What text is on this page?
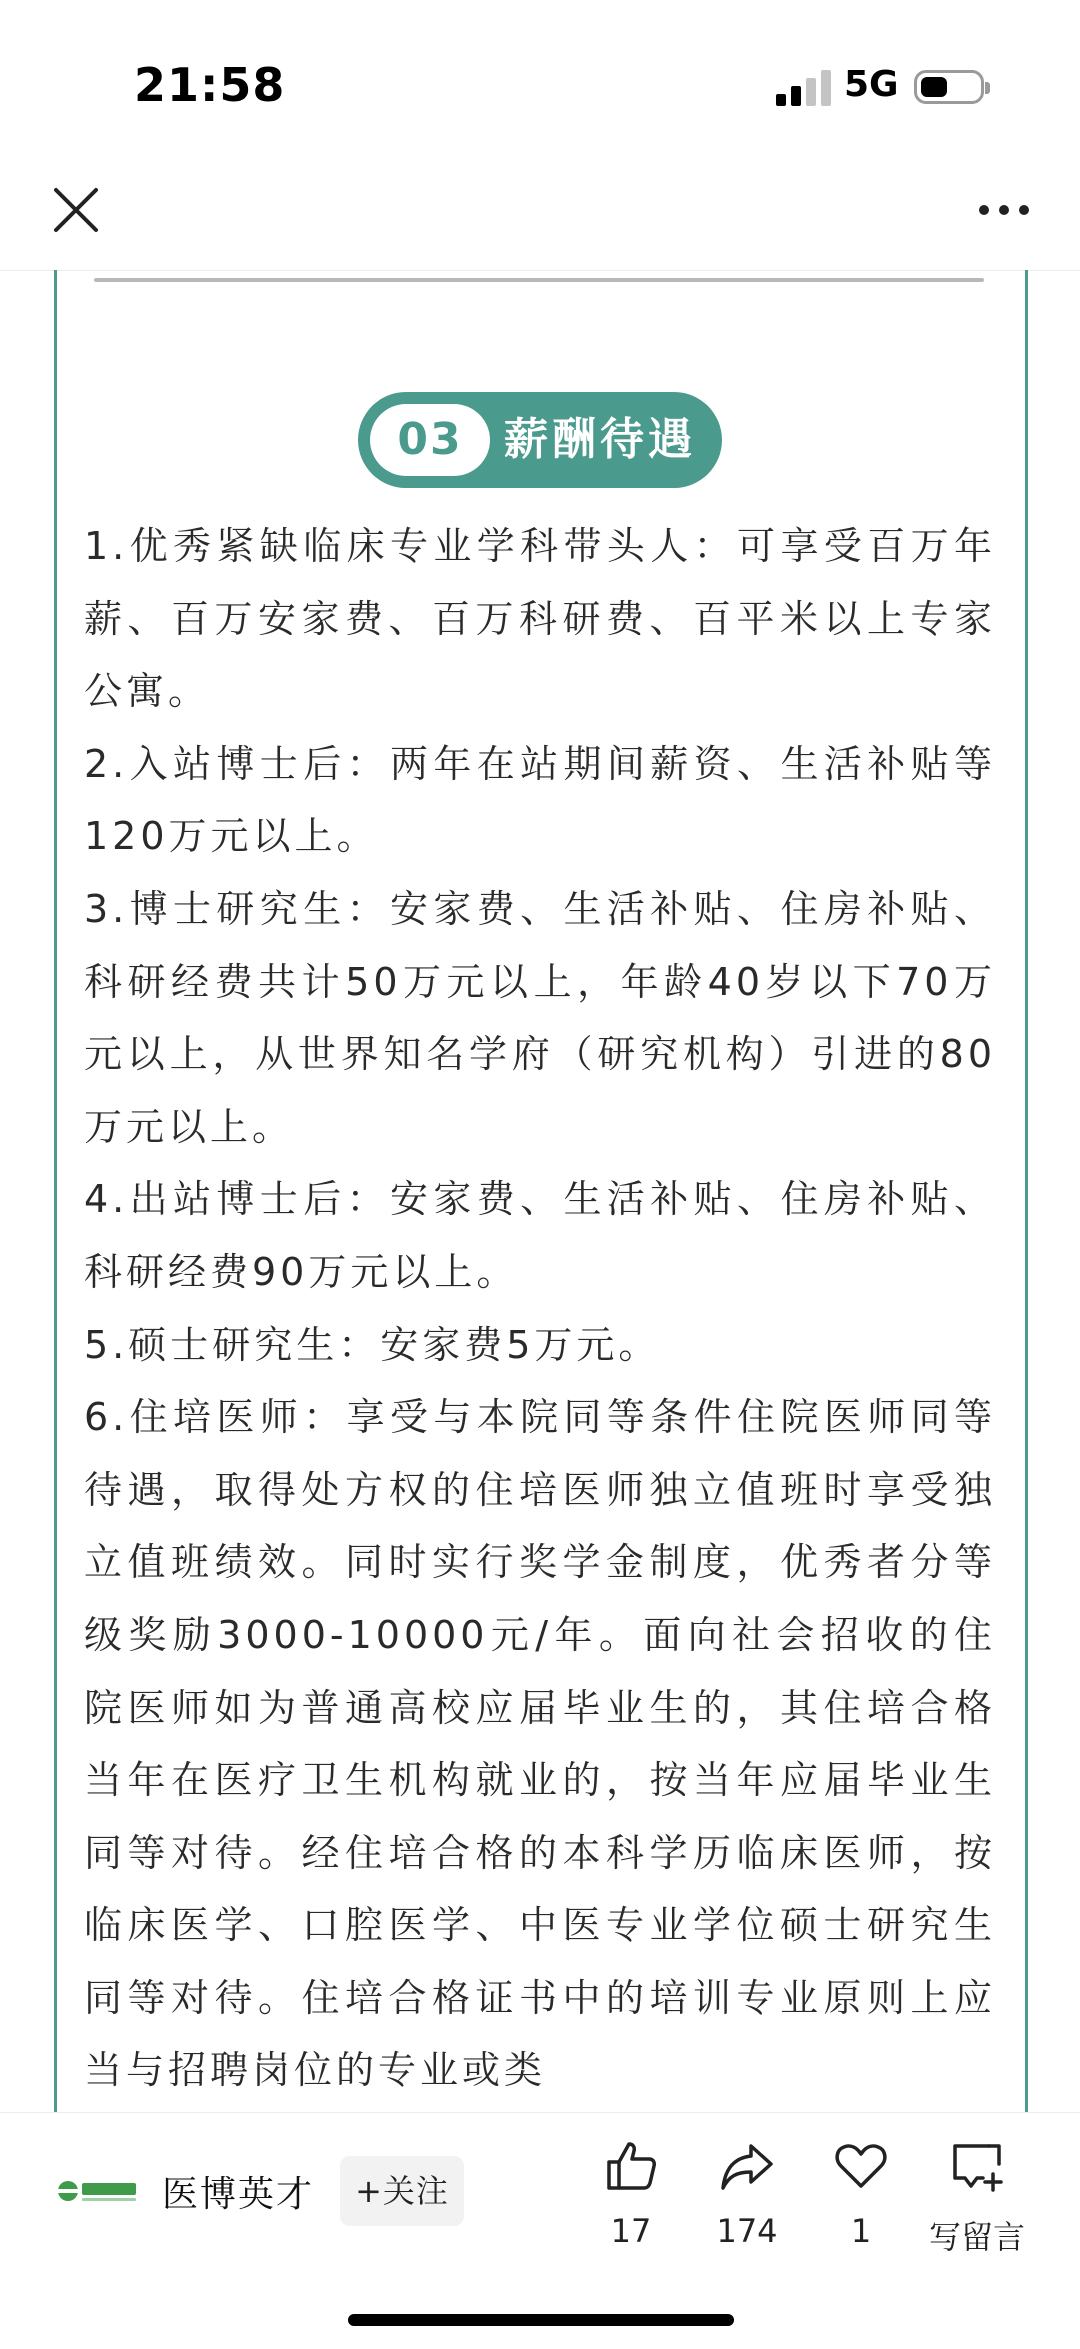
21:58	5G
03 薪酬待遇

1.优秀紧缺临床专业学科带头人：可享受百万年薪、百万安家费、百万科研费、百平米以上专家公寓。

2.入站博士后：两年在站期间薪资、生活补贴等120万元以上。

3.博士研究生：安家费、生活补贴、住房补贴、科研经费共计50万元以上，年龄40岁以下70万元以上，从世界知名学府（研究机构）引进的80万元以上。

4.出站博士后：安家费、生活补贴、住房补贴、科研经费90万元以上。

5.硕士研究生：安家费5万元。

6.住培医师：享受与本院同等条件住院医师同等待遇，取得处方权的住培医师独立值班时享受独立值班绩效。同时实行奖学金制度，优秀者分等级奖励3000-10000元/年。面向社会招收的住院医师如为普通高校应届毕业生的，其住培合格当年在医疗卫生机构就业的，按当年应届毕业生同等对待。经住培合格的本科学历临床医师，按临床医学、口腔医学、中医专业学位硕士研究生同等对待。住培合格证书中的培训专业原则上应当与招聘岗位的专业或类

医博英才	+关注
17	174	1	写留言
